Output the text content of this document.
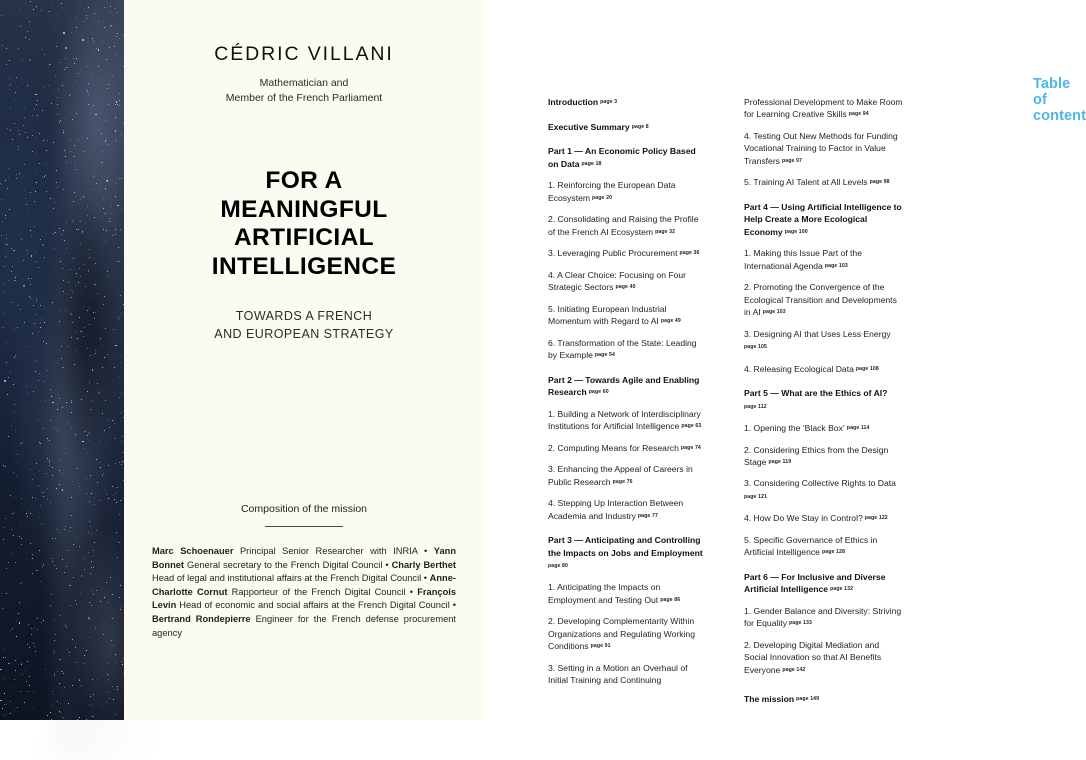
CÉDRIC VILLANI
Mathematician and
Member of the French Parliament
FOR A
MEANINGFUL
ARTIFICIAL
INTELLIGENCE
TOWARDS A FRENCH
AND EUROPEAN STRATEGY
Composition of the mission
Marc Schoenauer Principal Senior Researcher with INRIA • Yann Bonnet General secretary to the French Digital Council • Charly Berthet Head of legal and institutional affairs at the French Digital Council • Anne-Charlotte Cornut Rapporteur of the French Digital Council • François Levin Head of economic and social affairs at the French Digital Council • Bertrand Rondepierre Engineer for the French defense procurement agency
Table of content
Introduction $^{page 3}$
Executive Summary $^{page 8}$
Part 1 — An Economic Policy Based on Data $^{page 18}$
1. Reinforcing the European Data Ecosystem $^{page 20}$
2. Consolidating and Raising the Profile of the French AI Ecosystem $^{page 32}$
3. Leveraging Public Procurement $^{page 36}$
4. A Clear Choice: Focusing on Four Strategic Sectors $^{page 40}$
5. Initiating European Industrial Momentum with Regard to AI $^{page 49}$
6. Transformation of the State: Leading by Example $^{page 54}$
Part 2 — Towards Agile and Enabling Research $^{page 60}$
1. Building a Network of Interdisciplinary Institutions for Artificial Intelligence $^{page 63}$
2. Computing Means for Research $^{page 74}$
3. Enhancing the Appeal of Careers in Public Research $^{page 76}$
4. Stepping Up Interaction Between Academia and Industry $^{page 77}$
Part 3 — Anticipating and Controlling the Impacts on Jobs and Employment
page 80
1. Anticipating the Impacts on Employment and Testing Out $^{page 86}$
2. Developing Complementarity Within Organizations and Regulating Working Conditions $^{page 91}$
3. Setting in a Motion an Overhaul of Initial Training and Continuing
Professional Development to Make Room for Learning Creative Skills $^{page 94}$
4. Testing Out New Methods for Funding Vocational Training to Factor in Value Transfers $^{page 97}$
5. Training AI Talent at All Levels $^{page 98}$
Part 4 — Using Artificial Intelligence to Help Create a More Ecological Economy $^{page 100}$
1. Making this Issue Part of the International Agenda $^{page 103}$
2. Promoting the Convergence of the Ecological Transition and Developments in AI $^{page 103}$
3. Designing AI that Uses Less Energy
page 105
4. Releasing Ecological Data $^{page 108}$
Part 5 — What are the Ethics of AI?
page 112
1. Opening the ‘Black Box’ $^{page 114}$
2. Considering Ethics from the Design Stage $^{page 119}$
3. Considering Collective Rights to Data
page 121
4. How Do We Stay in Control? $^{page 122}$
5. Specific Governance of Ethics in Artificial Intelligence $^{page 128}$
Part 6 — For Inclusive and Diverse Artificial Intelligence $^{page 132}$
1. Gender Balance and Diversity: Striving for Equality $^{page 133}$
2. Developing Digital Mediation and Social Innovation so that AI Benefits Everyone $^{page 142}$
The mission $^{page 149}$
